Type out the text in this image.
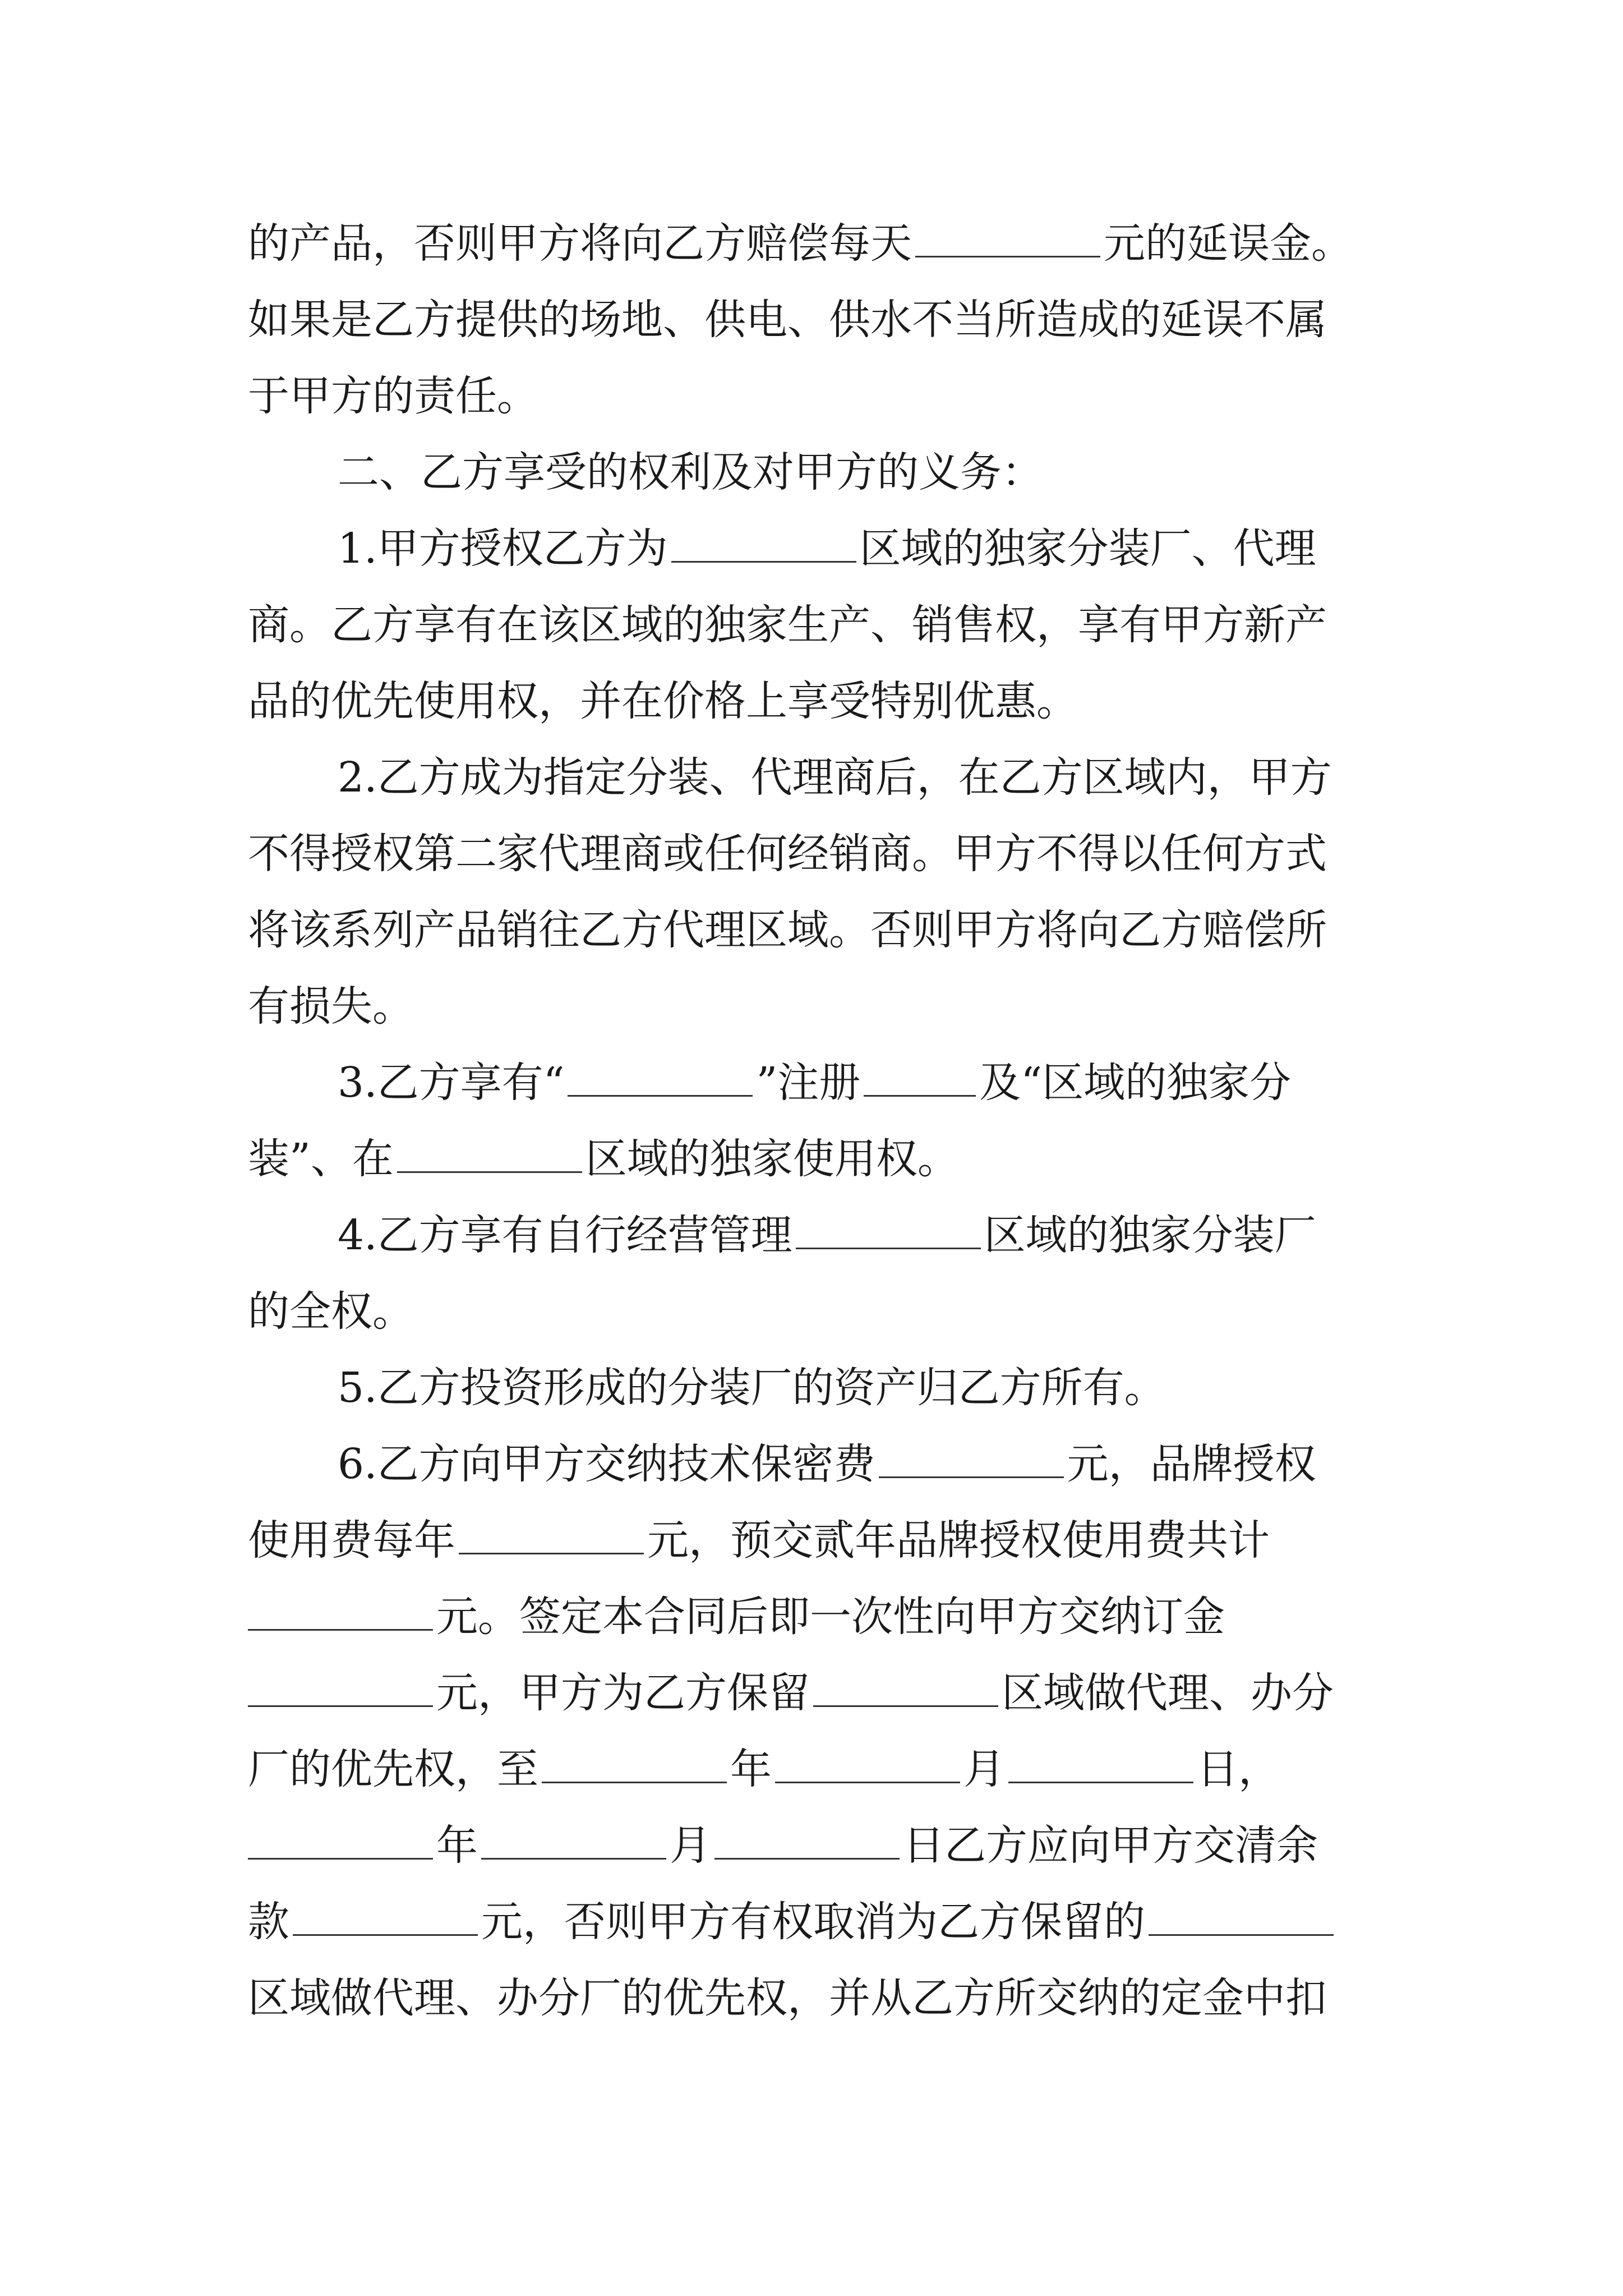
的产品，否则甲方将向乙方赔偿每天	元的延误金。
如果是乙方提供的场地、供电、供水不当所造成的延误不属
于甲方的责任。
二、乙方享受的权利及对甲方的义务：
1.甲方授权乙方为	区域的独家分装厂、代理
商。乙方享有在该区域的独家生产、销售权，享有甲方新产
品的优先使用权，并在价格上享受特别优惠。
2.乙方成为指定分装、代理商后，在乙方区域内，甲方
不得授权第二家代理商或任何经销商。甲方不得以任何方式
将该系列产品销往乙方代理区域。否则甲方将向乙方赔偿所
有损失。
3.乙方享有“	”注册	及“区域的独家分
装”、在	区域的独家使用权。
4.乙方享有自行经营管理	区域的独家分装厂
的全权。
5.乙方投资形成的分装厂的资产归乙方所有。
6.乙方向甲方交纳技术保密费	元，品牌授权
使用费每年	元，预交贰年品牌授权使用费共计
元。签定本合同后即一次性向甲方交纳订金
元，甲方为乙方保留	区域做代理、办分
厂的优先权，至	年	月	日，
年	月	日乙方应向甲方交清余
款	元，否则甲方有权取消为乙方保留的
区域做代理、办分厂的优先权，并从乙方所交纳的定金中扣
